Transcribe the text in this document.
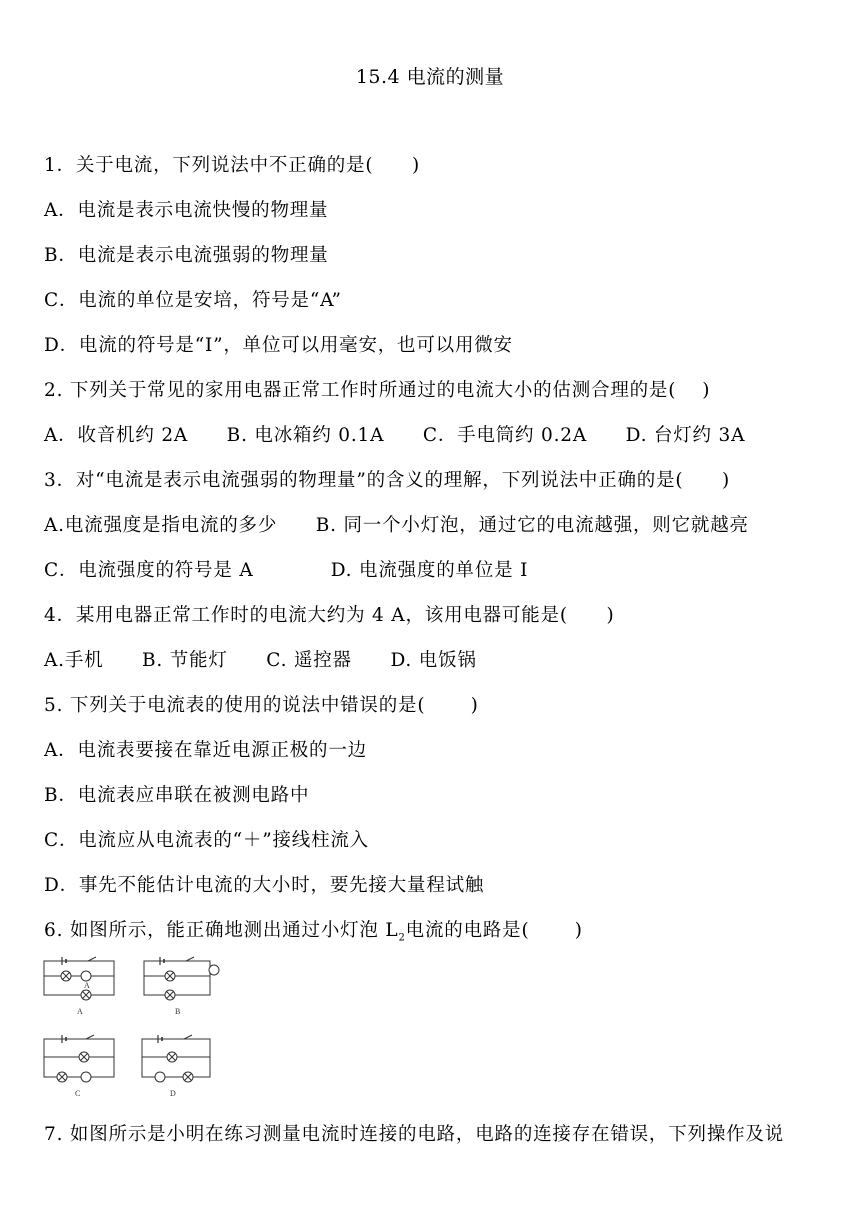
15.4 电流的测量
1．关于电流，下列说法中不正确的是(　　)
A．电流是表示电流快慢的物理量
B．电流是表示电流强弱的物理量
C．电流的单位是安培，符号是“A”
D．电流的符号是“I”，单位可以用毫安，也可以用微安
2. 下列关于常见的家用电器正常工作时所通过的电流大小的估测合理的是(　 )
A．收音机约 2A　　B. 电冰箱约 0.1A　　C．手电筒约 0.2A　　D. 台灯约 3A
3．对“电流是表示电流强弱的物理量”的含义的理解，下列说法中正确的是(　　)
A.电流强度是指电流的多少　　B. 同一个小灯泡，通过它的电流越强，则它就越亮
C．电流强度的符号是 A　　　　D. 电流强度的单位是 I
4．某用电器正常工作时的电流大约为 4 A，该用电器可能是(　　)
A.手机　　B. 节能灯　　C. 遥控器　　D. 电饭锅
5. 下列关于电流表的使用的说法中错误的是(　　 )
A．电流表要接在靠近电源正极的一边
B．电流表应串联在被测电路中
C．电流应从电流表的“＋”接线柱流入
D．事先不能估计电流的大小时，要先接大量程试触
6. 如图所示，能正确地测出通过小灯泡 $L_2$电流的电路是(　　 )
A
A	B
C	D
7. 如图所示是小明在练习测量电流时连接的电路，电路的连接存在错误，下列操作及说
